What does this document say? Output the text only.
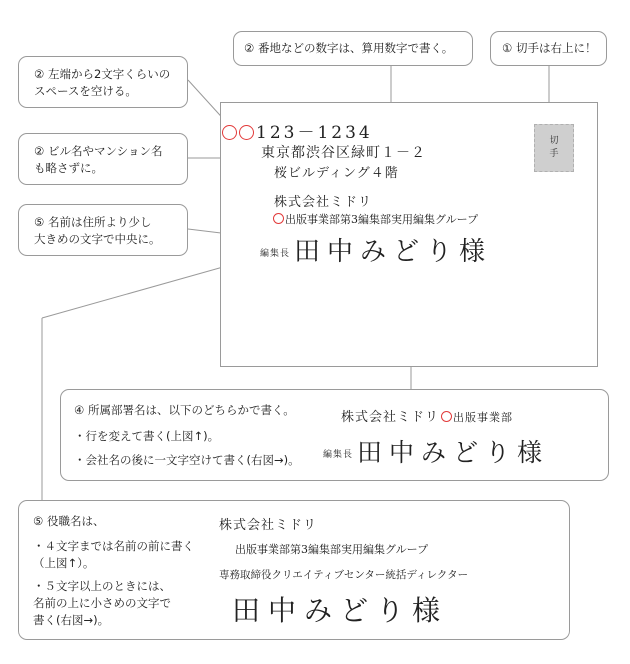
② 左端から2文字くらいの
スペースを空ける。
② 番地などの数字は、算用数字で書く。	① 切手は右上に！
② ビル名やマンション名
も略さずに。
⑤ 名前は住所より少し
大きめの文字で中央に。
切
手
123－1234
東京都渋谷区緑町１－２
桜ビルディング４階
株式会社ミドリ
出版事業部第3編集部実用編集グループ
編集長 田中みどり様
④ 所属部署名は、以下のどちらかで書く。
・行を変えて書く(上図↑)。
・会社名の後に一文字空けて書く(右図→)。
株式会社ミドリ 出版事業部
編集長 田中みどり様
⑤ 役職名は、
・４文字までは名前の前に書く
（上図↑）。
・５文字以上のときには、
名前の上に小さめの文字で
書く(右図→)。
株式会社ミドリ
出版事業部第3編集部実用編集グループ
専務取締役クリエイティブセンター統括ディレクター
田中みどり様
